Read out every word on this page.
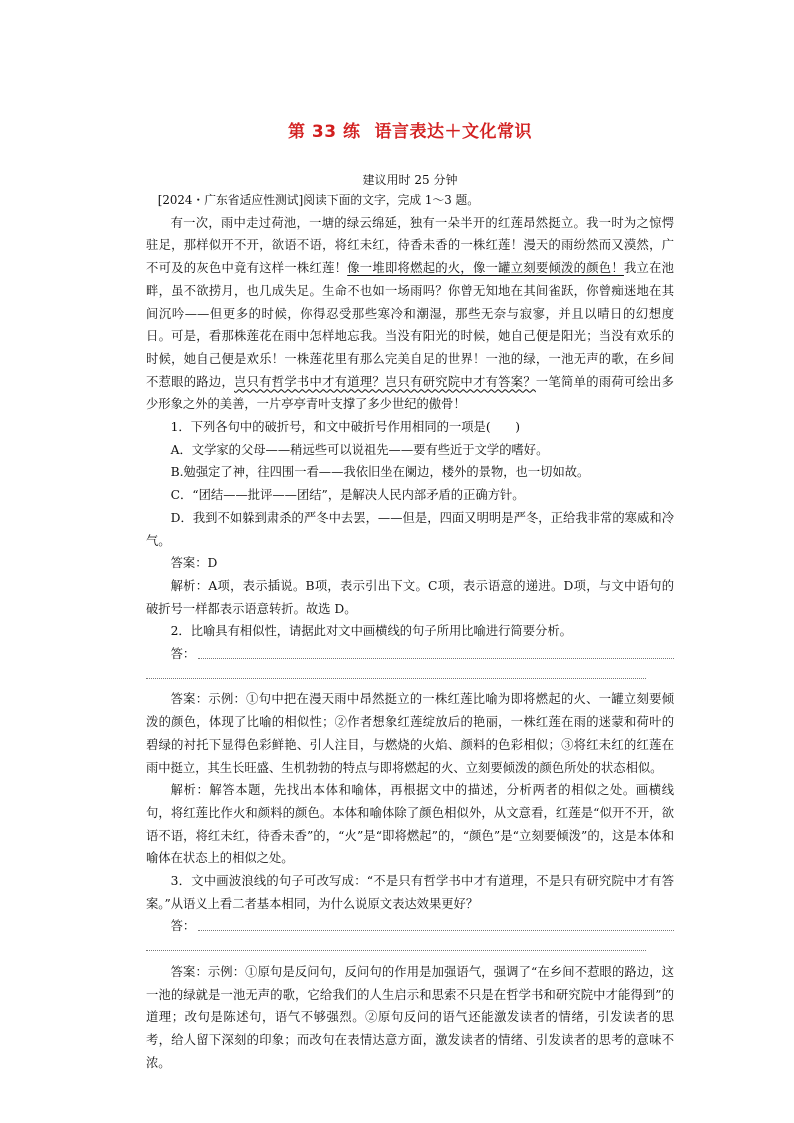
第 33 练 语言表达＋文化常识

建议用时 25 分钟

[2024・广东省适应性测试]阅读下面的文字，完成 1～3 题。

有一次，雨中走过荷池，一塘的绿云绵延，独有一朵半开的红莲昂然挺立。我一时为之惊愕驻足，那样似开不开，欲语不语，将红未红，待香未香的一株红莲！漫天的雨纷然而又漠然，广不可及的灰色中竟有这样一株红莲！像一堆即将燃起的火，像一罐立刻要倾泼的颜色！我立在池畔，虽不欲捞月，也几成失足。生命不也如一场雨吗？你曾无知地在其间雀跃，你曾痴迷地在其间沉吟——但更多的时候，你得忍受那些寒冷和潮湿，那些无奈与寂寥，并且以晴日的幻想度日。可是，看那株莲花在雨中怎样地忘我。当没有阳光的时候，她自己便是阳光；当没有欢乐的时候，她自己便是欢乐！一株莲花里有那么完美自足的世界！一池的绿，一池无声的歌，在乡间不惹眼的路边，岂只有哲学书中才有道理？岂只有研究院中才有答案？一笔简单的雨荷可绘出多少形象之外的美善，一片亭亭青叶支撑了多少世纪的傲骨！

1．下列各句中的破折号，和文中破折号作用相同的一项是(　　)

A．文学家的父母——稍远些可以说祖先——要有些近于文学的嗜好。

B.勉强定了神，往四围一看——我依旧坐在阑边，楼外的景物，也一切如故。

C．“团结——批评——团结”，是解决人民内部矛盾的正确方针。

D．我到不如躲到肃杀的严冬中去罢，——但是，四面又明明是严冬，正给我非常的寒威和冷气。

答案：D

解析：A项，表示插说。B项，表示引出下文。C项，表示语意的递进。D项，与文中语句的破折号一样都表示语意转折。故选 D。

2．比喻具有相似性，请据此对文中画横线的句子所用比喻进行简要分析。

答：

答案：示例：①句中把在漫天雨中昂然挺立的一株红莲比喻为即将燃起的火、一罐立刻要倾泼的颜色，体现了比喻的相似性；②作者想象红莲绽放后的艳丽，一株红莲在雨的迷蒙和荷叶的碧绿的衬托下显得色彩鲜艳、引人注目，与燃烧的火焰、颜料的色彩相似；③将红未红的红莲在雨中挺立，其生长旺盛、生机勃勃的特点与即将燃起的火、立刻要倾泼的颜色所处的状态相似。

解析：解答本题，先找出本体和喻体，再根据文中的描述，分析两者的相似之处。画横线句，将红莲比作火和颜料的颜色。本体和喻体除了颜色相似外，从文意看，红莲是“似开不开，欲语不语，将红未红，待香未香”的，“火”是“即将燃起”的，“颜色”是“立刻要倾泼”的，这是本体和喻体在状态上的相似之处。

3．文中画波浪线的句子可改写成：“不是只有哲学书中才有道理，不是只有研究院中才有答案。”从语义上看二者基本相同，为什么说原文表达效果更好？

答：

答案：示例：①原句是反问句，反问句的作用是加强语气，强调了“在乡间不惹眼的路边，这一池的绿就是一池无声的歌，它给我们的人生启示和思索不只是在哲学书和研究院中才能得到”的道理；改句是陈述句，语气不够强烈。②原句反问的语气还能激发读者的情绪，引发读者的思考，给人留下深刻的印象；而改句在表情达意方面，激发读者的情绪、引发读者的思考的意味不浓。
